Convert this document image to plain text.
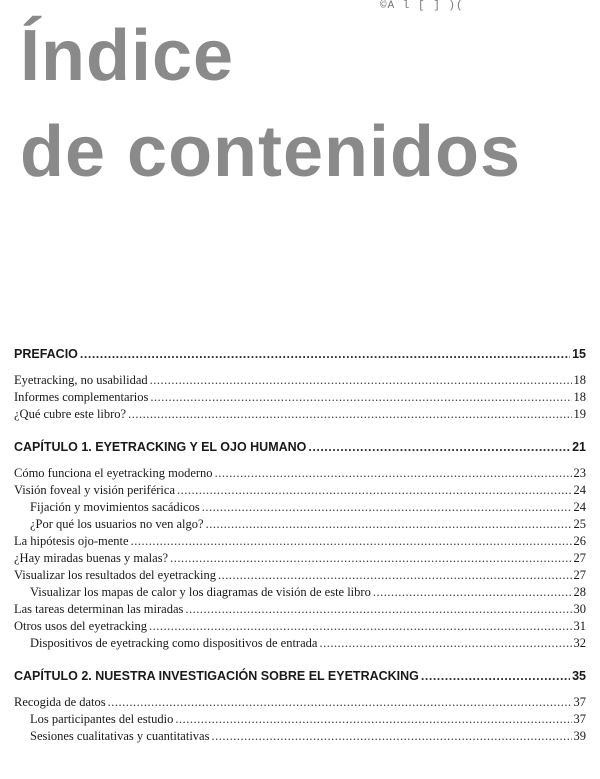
©А l [ ] )(
Índice
de contenidos
PREFACIO .....	15
Eyetracking, no usabilidad .....	18
Informes complementarios .....	18
¿Qué cubre este libro? .....	19
CAPÍTULO 1. EYETRACKING Y EL OJO HUMANO .....	21
Cómo funciona el eyetracking moderno .....	23
Visión foveal y visión periférica .....	24
Fijación y movimientos sacádicos .....	24
¿Por qué los usuarios no ven algo? .....	25
La hipótesis ojo-mente .....	26
¿Hay miradas buenas y malas? .....	27
Visualizar los resultados del eyetracking .....	27
Visualizar los mapas de calor y los diagramas de visión de este libro .....	28
Las tareas determinan las miradas .....	30
Otros usos del eyetracking .....	31
Dispositivos de eyetracking como dispositivos de entrada .....	32
CAPÍTULO 2. NUESTRA INVESTIGACIÓN SOBRE EL EYETRACKING .....	35
Recogida de datos .....	37
Los participantes del estudio .....	37
Sesiones cualitativas y cuantitativas .....	39
